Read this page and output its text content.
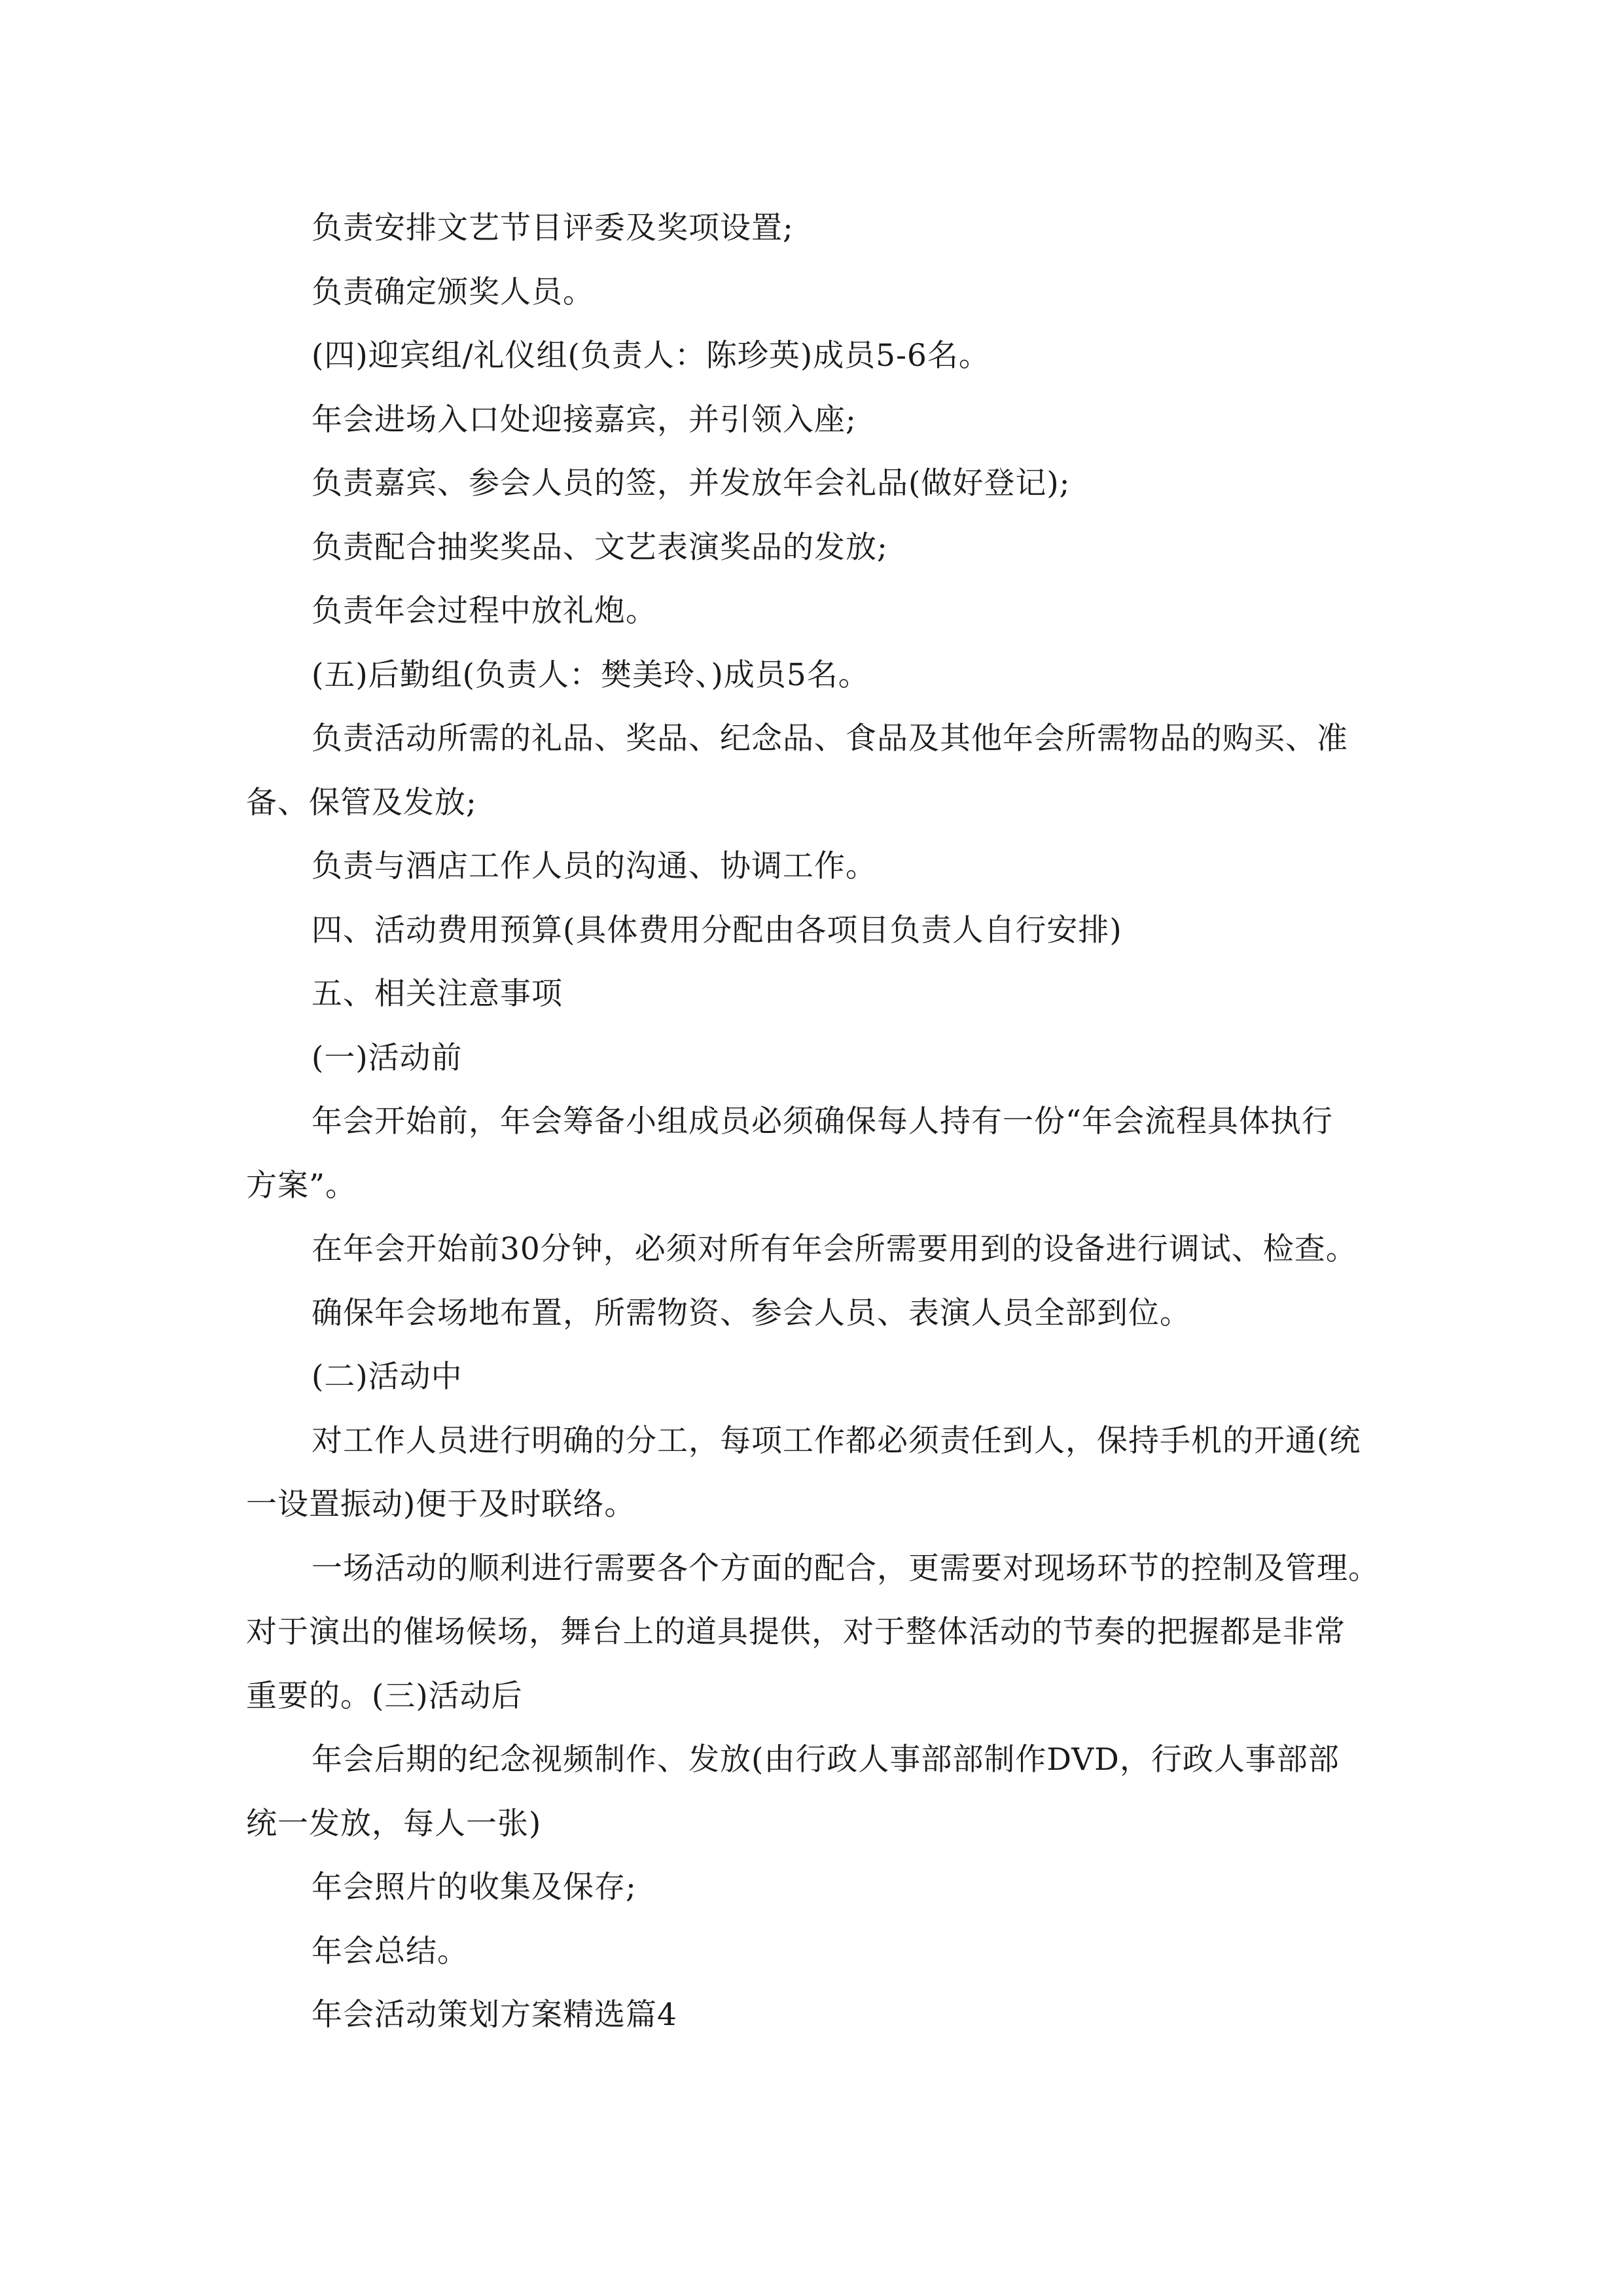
负责安排文艺节目评委及奖项设置;
负责确定颁奖人员。
(四)迎宾组/礼仪组(负责人：陈珍英)成员5-6名。
年会进场入口处迎接嘉宾，并引领入座;
负责嘉宾、参会人员的签，并发放年会礼品(做好登记);
负责配合抽奖奖品、文艺表演奖品的发放;
负责年会过程中放礼炮。
(五)后勤组(负责人：樊美玲、)成员5名。
负责活动所需的礼品、奖品、纪念品、食品及其他年会所需物品的购买、准
备、保管及发放;
负责与酒店工作人员的沟通、协调工作。
四、活动费用预算(具体费用分配由各项目负责人自行安排)
五、相关注意事项
(一)活动前
年会开始前，年会筹备小组成员必须确保每人持有一份“年会流程具体执行
方案”。
在年会开始前30分钟，必须对所有年会所需要用到的设备进行调试、检查。
确保年会场地布置，所需物资、参会人员、表演人员全部到位。
(二)活动中
对工作人员进行明确的分工，每项工作都必须责任到人，保持手机的开通(统
一设置振动)便于及时联络。
一场活动的顺利进行需要各个方面的配合，更需要对现场环节的控制及管理。
对于演出的催场候场，舞台上的道具提供，对于整体活动的节奏的把握都是非常
重要的。(三)活动后
年会后期的纪念视频制作、发放(由行政人事部部制作DVD，行政人事部部
统一发放，每人一张)
年会照片的收集及保存;
年会总结。
年会活动策划方案精选篇4
